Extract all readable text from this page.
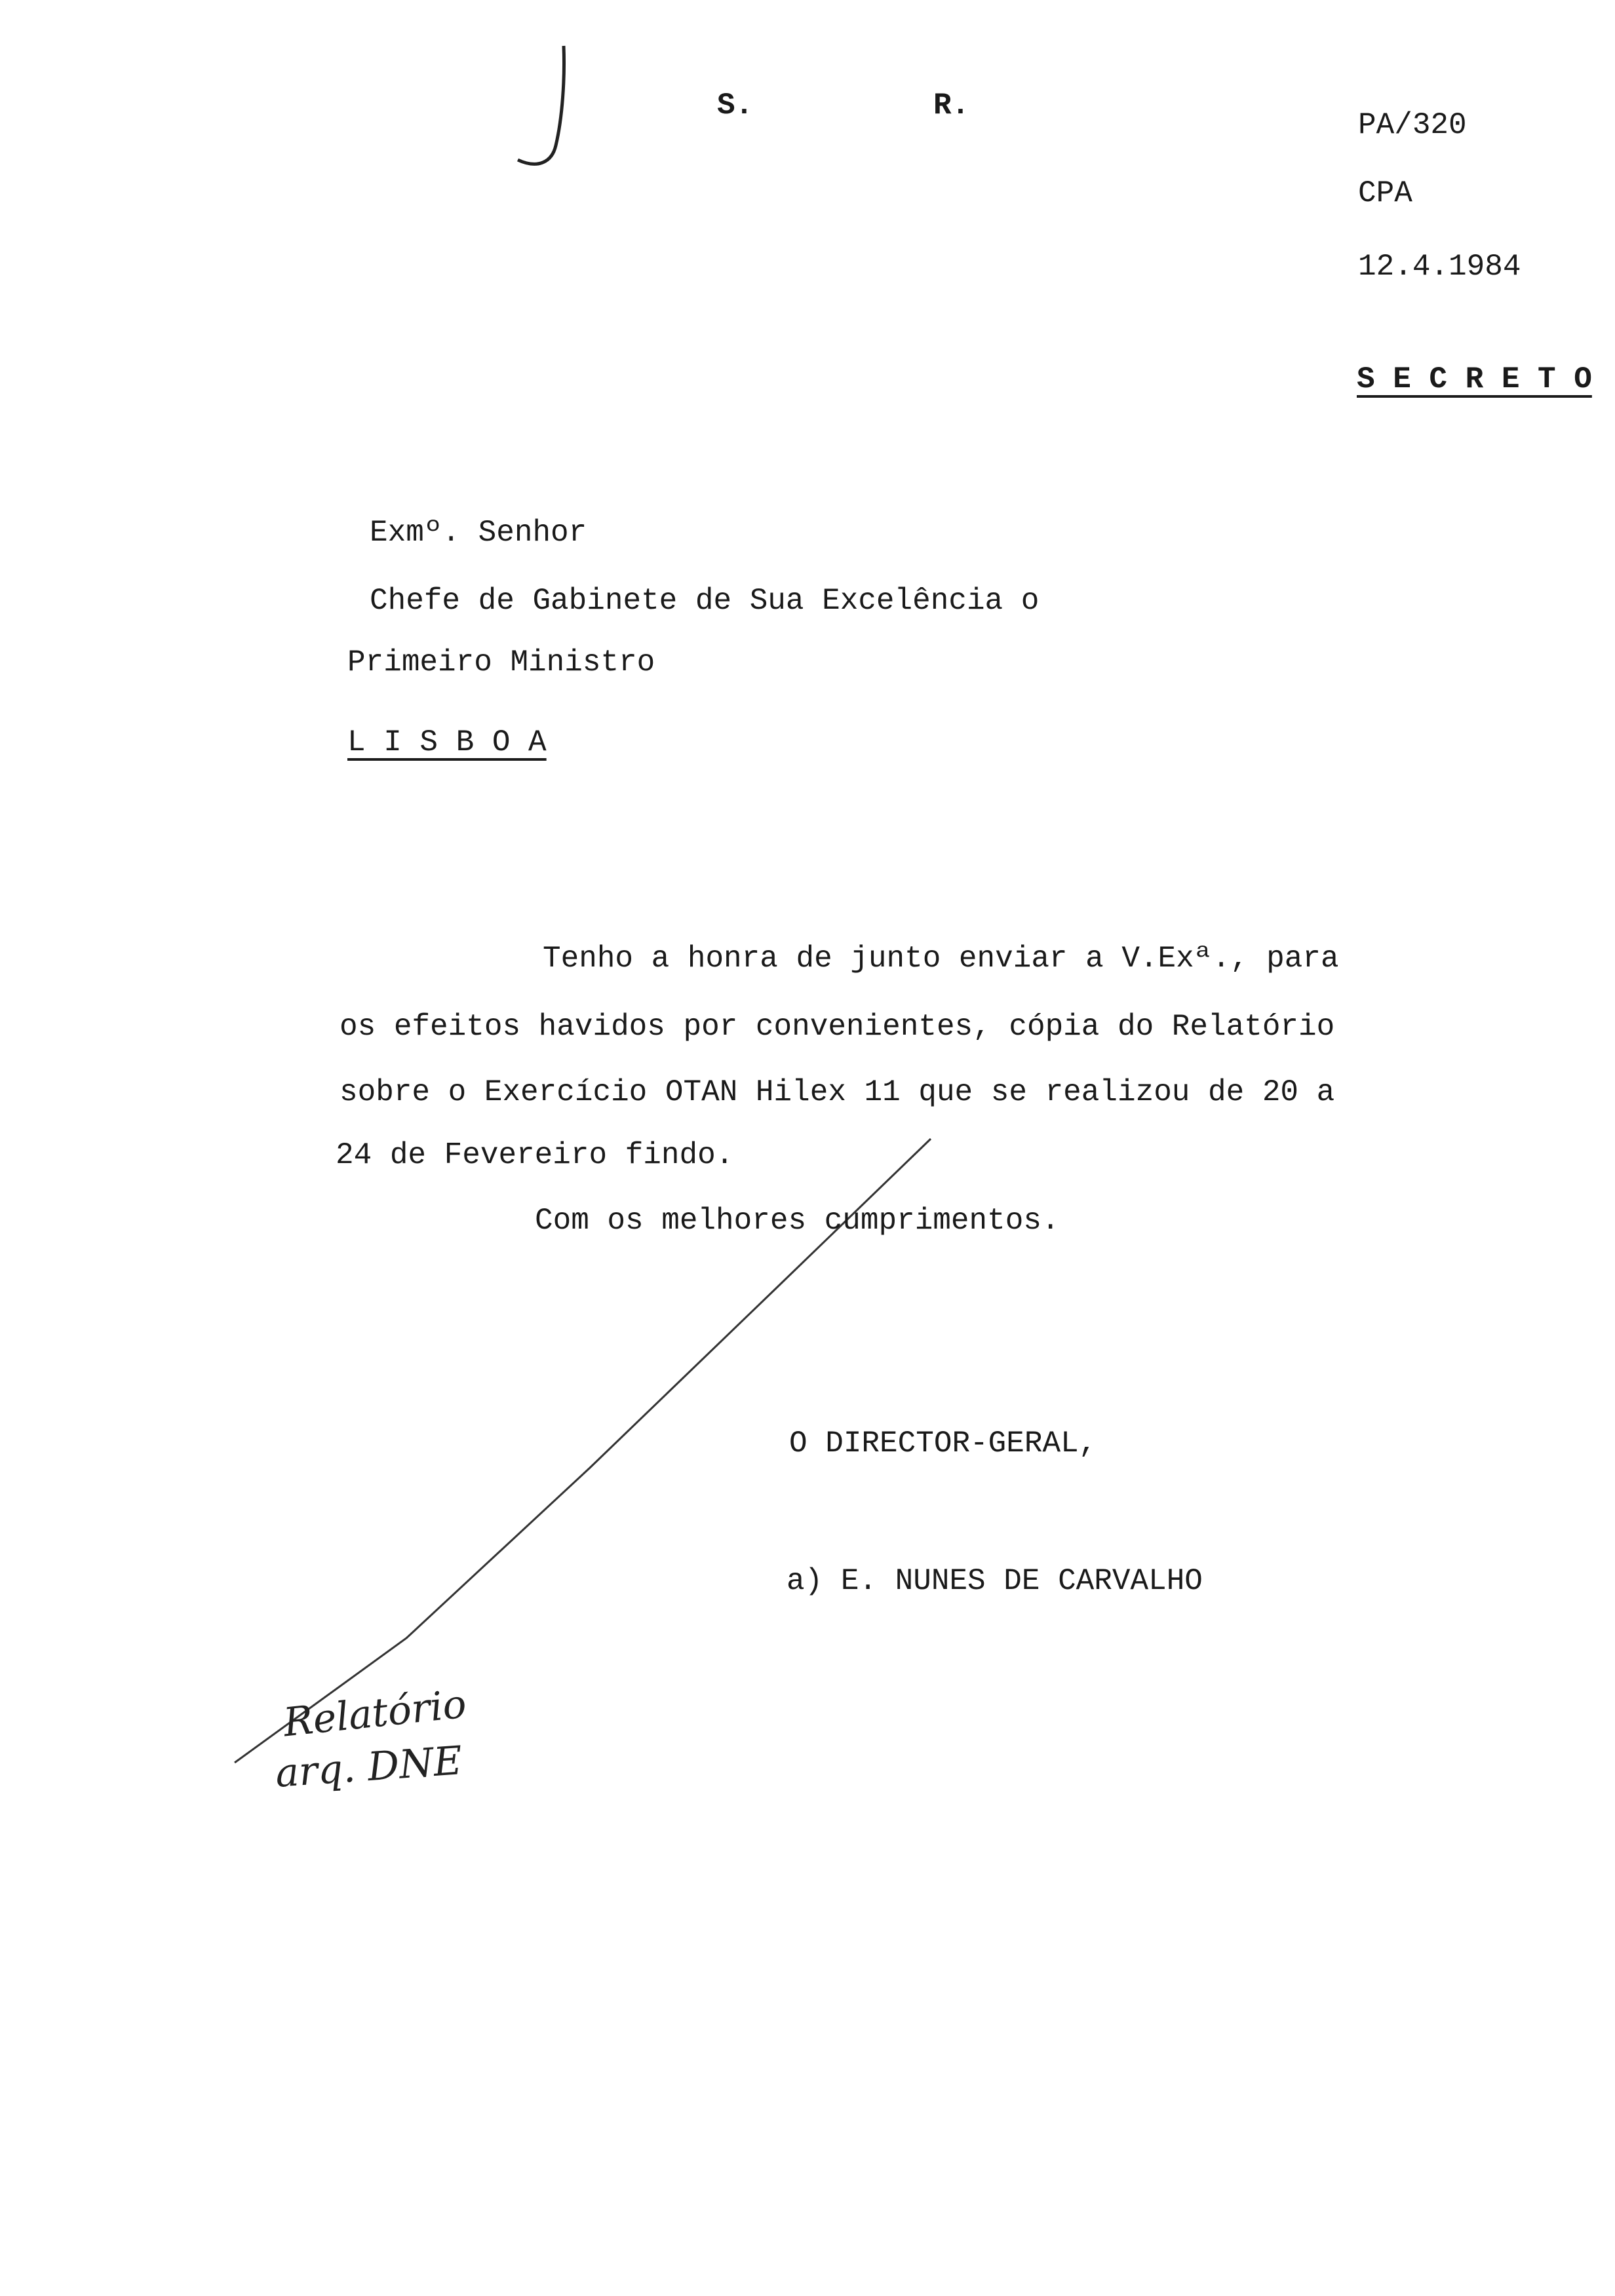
S.	R.
PA/320
CPA
12.4.1984
S E C R E T O
Exmº. Senhor
Chefe de Gabinete de Sua Excelência o
Primeiro Ministro
L I S B O A
Tenho a honra de junto enviar a V.Exª., para
os efeitos havidos por convenientes, cópia do Relatório
sobre o Exercício OTAN Hilex 11 que se realizou de 20 a
24 de Fevereiro findo.
Com os melhores cumprimentos.
O DIRECTOR-GERAL,
a) E. NUNES DE CARVALHO
Relatório
arq. DNE
